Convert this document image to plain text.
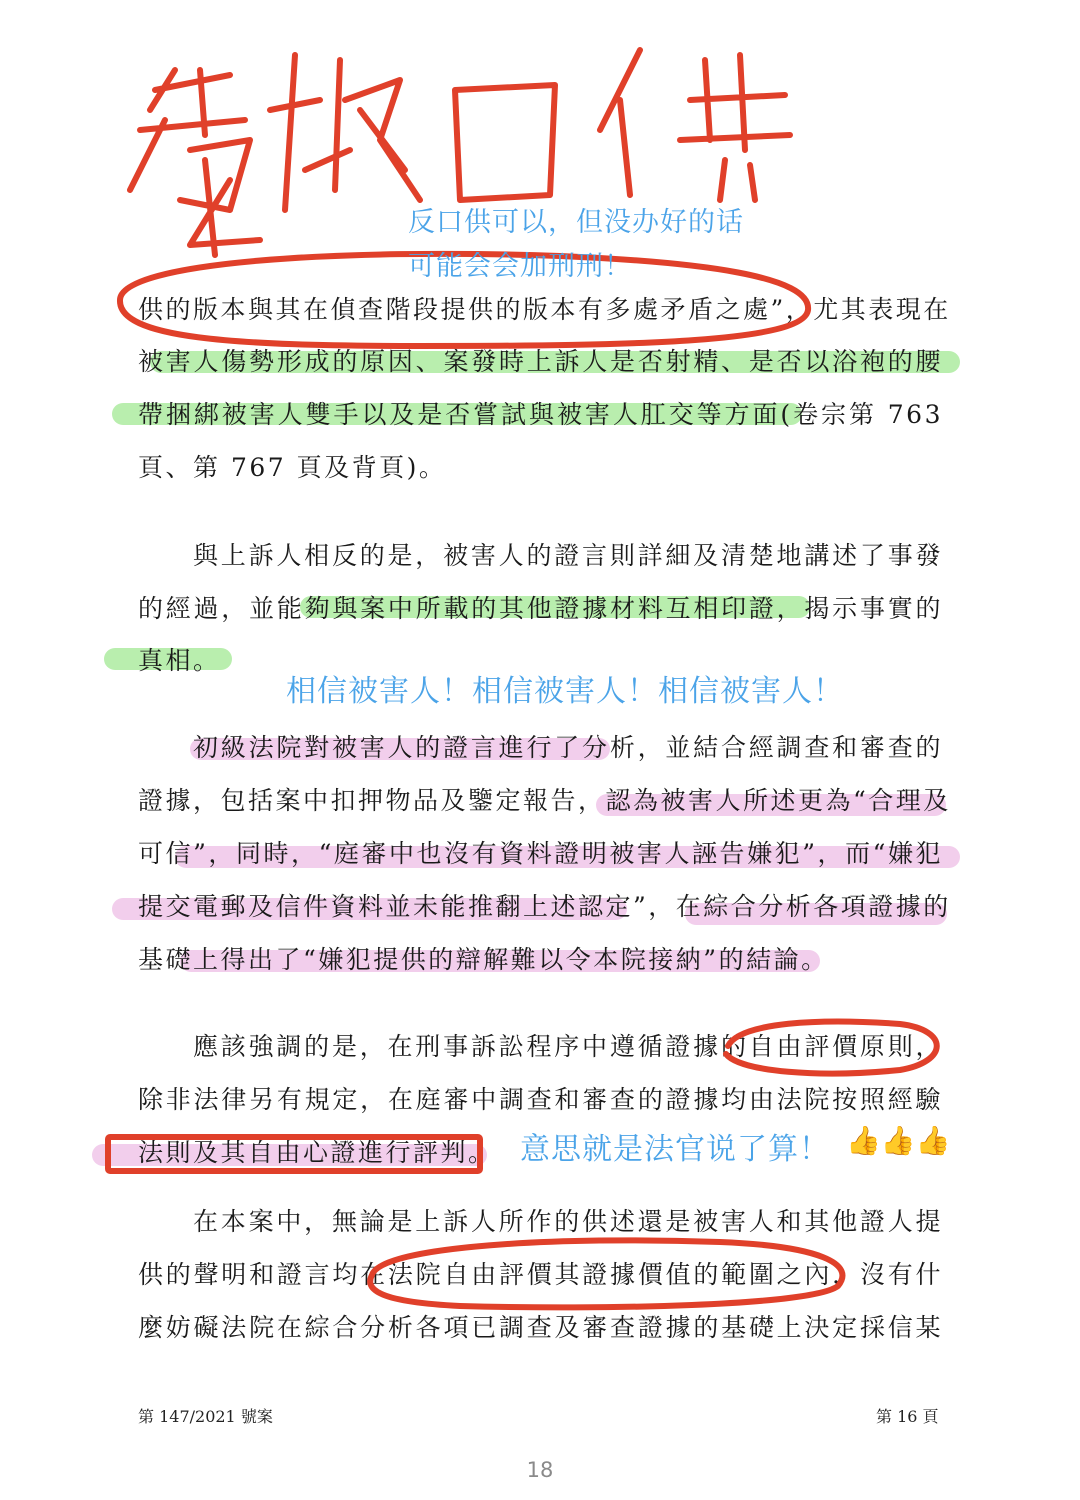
供的版本與其在偵查階段提供的版本有多處矛盾之處”，尤其表現在
被害人傷勢形成的原因、案發時上訴人是否射精、是否以浴袍的腰
帶捆綁被害人雙手以及是否嘗試與被害人肛交等方面(卷宗第 763
頁、第 767 頁及背頁)。
與上訴人相反的是，被害人的證言則詳細及清楚地講述了事發
的經過，並能夠與案中所載的其他證據材料互相印證，揭示事實的
真相。
初級法院對被害人的證言進行了分析，並結合經調查和審查的
證據，包括案中扣押物品及鑒定報告，認為被害人所述更為“合理及
可信”，同時，“庭審中也沒有資料證明被害人誣告嫌犯”，而“嫌犯
提交電郵及信件資料並未能推翻上述認定”，在綜合分析各項證據的
基礎上得出了“嫌犯提供的辯解難以令本院接納”的結論。
應該強調的是，在刑事訴訟程序中遵循證據的自由評價原則，
除非法律另有規定，在庭審中調查和審查的證據均由法院按照經驗
法則及其自由心證進行評判。
在本案中，無論是上訴人所作的供述還是被害人和其他證人提
供的聲明和證言均在法院自由評價其證據價值的範圍之內，沒有什
麼妨礙法院在綜合分析各項已調查及審查證據的基礎上決定採信某
反口供可以，但没办好的话
可能会会加刑刑！
相信被害人！相信被害人！相信被害人！
意思就是法官说了算！ 👍👍👍
第 147/2021 號案	第 16 頁
18
